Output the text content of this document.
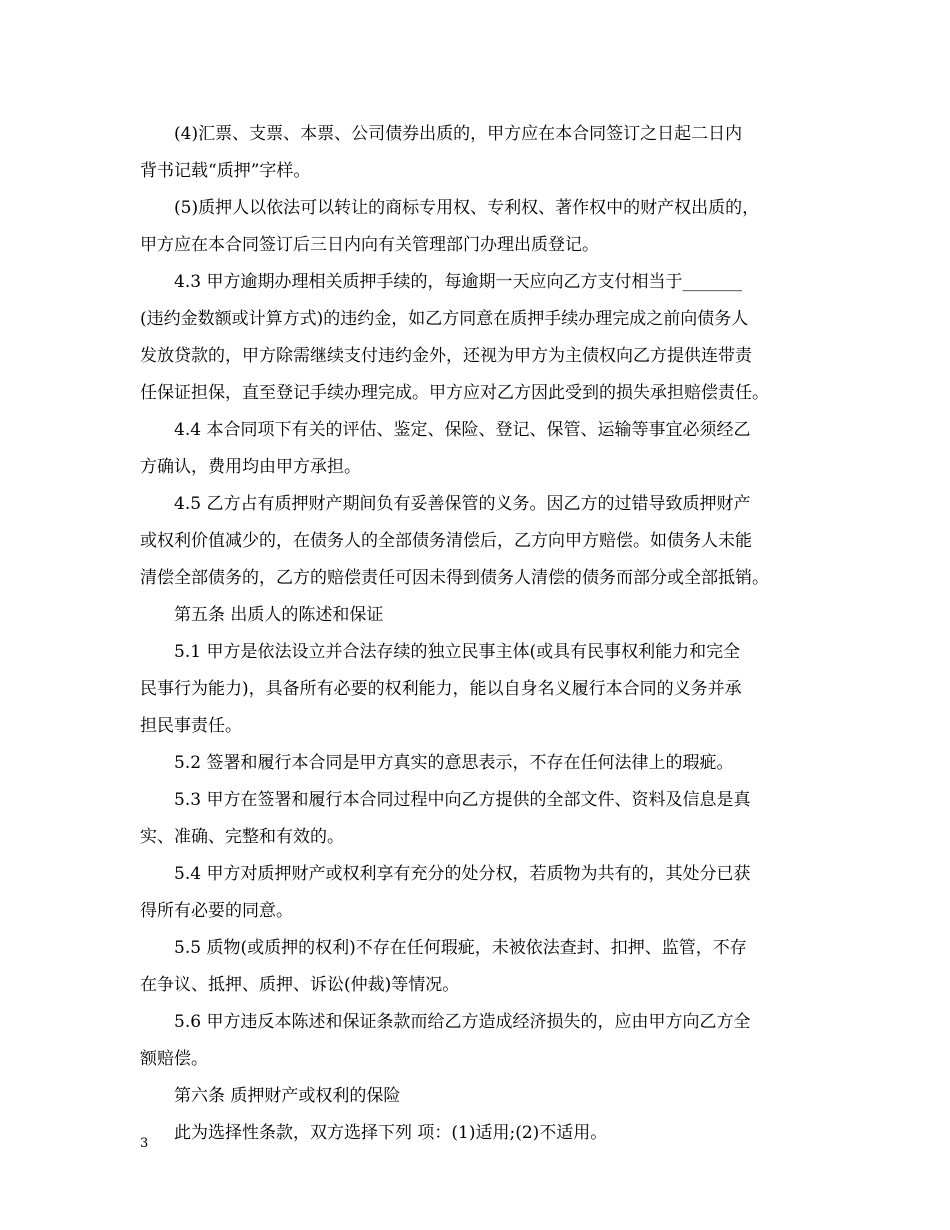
(4)汇票、支票、本票、公司债券出质的，甲方应在本合同签订之日起二日内
背书记载“质押”字样。

(5)质押人以依法可以转让的商标专用权、专利权、著作权中的财产权出质的，
甲方应在本合同签订后三日内向有关管理部门办理出质登记。

4.3 甲方逾期办理相关质押手续的，每逾期一天应向乙方支付相当于_______
(违约金数额或计算方式)的违约金，如乙方同意在质押手续办理完成之前向债务人
发放贷款的，甲方除需继续支付违约金外，还视为甲方为主债权向乙方提供连带责
任保证担保，直至登记手续办理完成。甲方应对乙方因此受到的损失承担赔偿责任。

4.4 本合同项下有关的评估、鉴定、保险、登记、保管、运输等事宜必须经乙
方确认，费用均由甲方承担。

4.5 乙方占有质押财产期间负有妥善保管的义务。因乙方的过错导致质押财产
或权利价值减少的，在债务人的全部债务清偿后，乙方向甲方赔偿。如债务人未能
清偿全部债务的，乙方的赔偿责任可因未得到债务人清偿的债务而部分或全部抵销。

第五条 出质人的陈述和保证

5.1 甲方是依法设立并合法存续的独立民事主体(或具有民事权利能力和完全
民事行为能力)，具备所有必要的权利能力，能以自身名义履行本合同的义务并承
担民事责任。

5.2 签署和履行本合同是甲方真实的意思表示，不存在任何法律上的瑕疵。

5.3 甲方在签署和履行本合同过程中向乙方提供的全部文件、资料及信息是真
实、准确、完整和有效的。

5.4 甲方对质押财产或权利享有充分的处分权，若质物为共有的，其处分已获
得所有必要的同意。

5.5 质物(或质押的权利)不存在任何瑕疵，未被依法查封、扣押、监管，不存
在争议、抵押、质押、诉讼(仲裁)等情况。

5.6 甲方违反本陈述和保证条款而给乙方造成经济损失的，应由甲方向乙方全
额赔偿。

第六条 质押财产或权利的保险

此为选择性条款，双方选择下列 项：(1)适用;(2)不适用。

3
